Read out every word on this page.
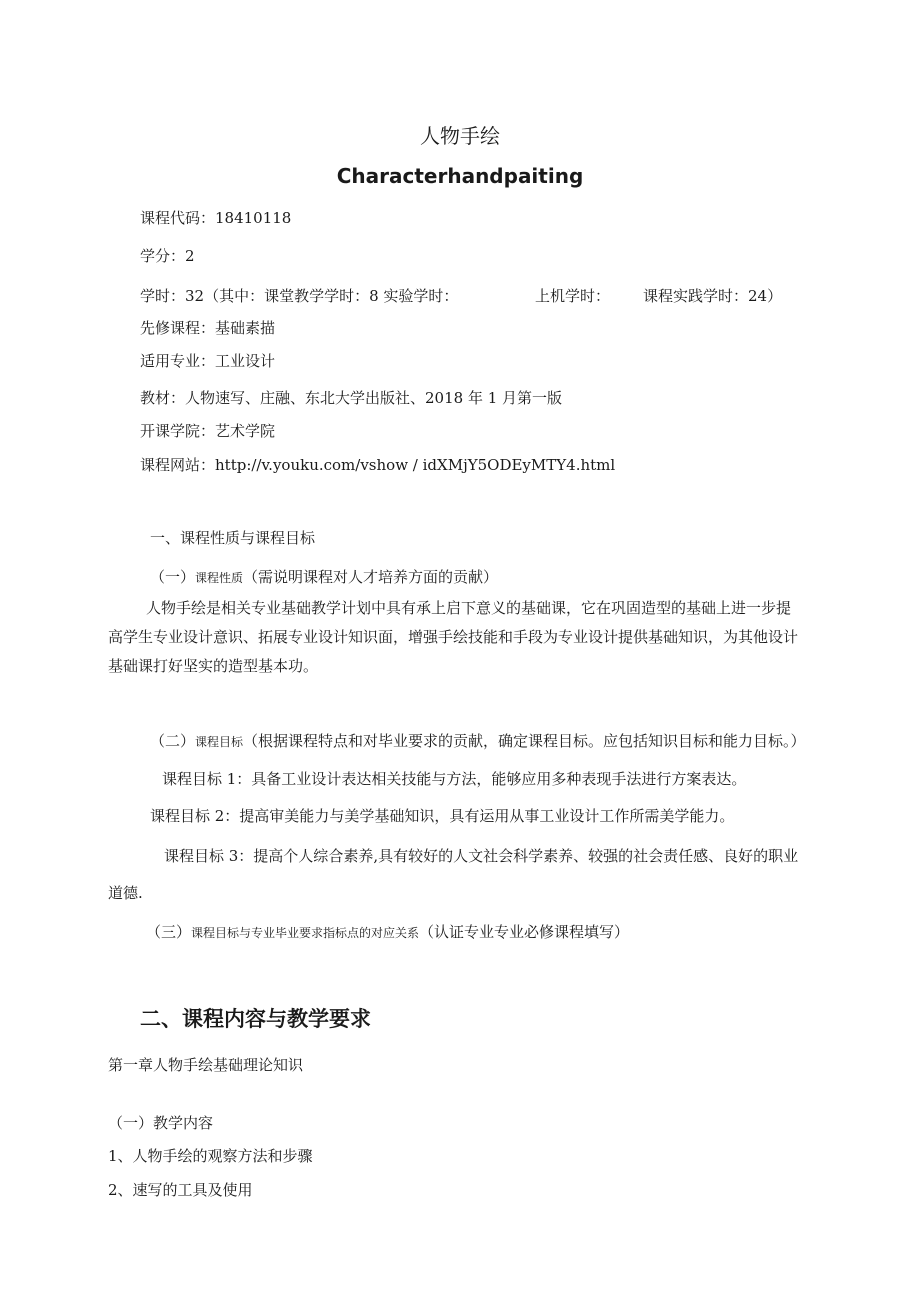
人物手绘
Characterhandpaiting
课程代码：18410118
学分：2
学时：32（其中：课堂教学学时：8 实验学时：	上机学时： 课程实践学时：24）
先修课程：基础素描
适用专业：工业设计
教材：人物速写、庄融、东北大学出版社、2018 年 1 月第一版
开课学院：艺术学院
课程网站：http://v.youku.com/vshow / idXMjY5ODEyMTY4.html
一、课程性质与课程目标
（一）课程性质（需说明课程对人才培养方面的贡献）
人物手绘是相关专业基础教学计划中具有承上启下意义的基础课，它在巩固造型的基础上进一步提
高学生专业设计意识、拓展专业设计知识面，增强手绘技能和手段为专业设计提供基础知识，为其他设计
基础课打好坚实的造型基本功。
（二）课程目标（根据课程特点和对毕业要求的贡献，确定课程目标。应包括知识目标和能力目标。）
课程目标 1：具备工业设计表达相关技能与方法，能够应用多种表现手法进行方案表达。
课程目标 2：提高审美能力与美学基础知识，具有运用从事工业设计工作所需美学能力。
课程目标 3：提高个人综合素养,具有较好的人文社会科学素养、较强的社会责任感、良好的职业
道德.
（三）课程目标与专业毕业要求指标点的对应关系（认证专业专业必修课程填写）
二、课程内容与教学要求
第一章人物手绘基础理论知识
（一）教学内容
1、人物手绘的观察方法和步骤
2、速写的工具及使用
